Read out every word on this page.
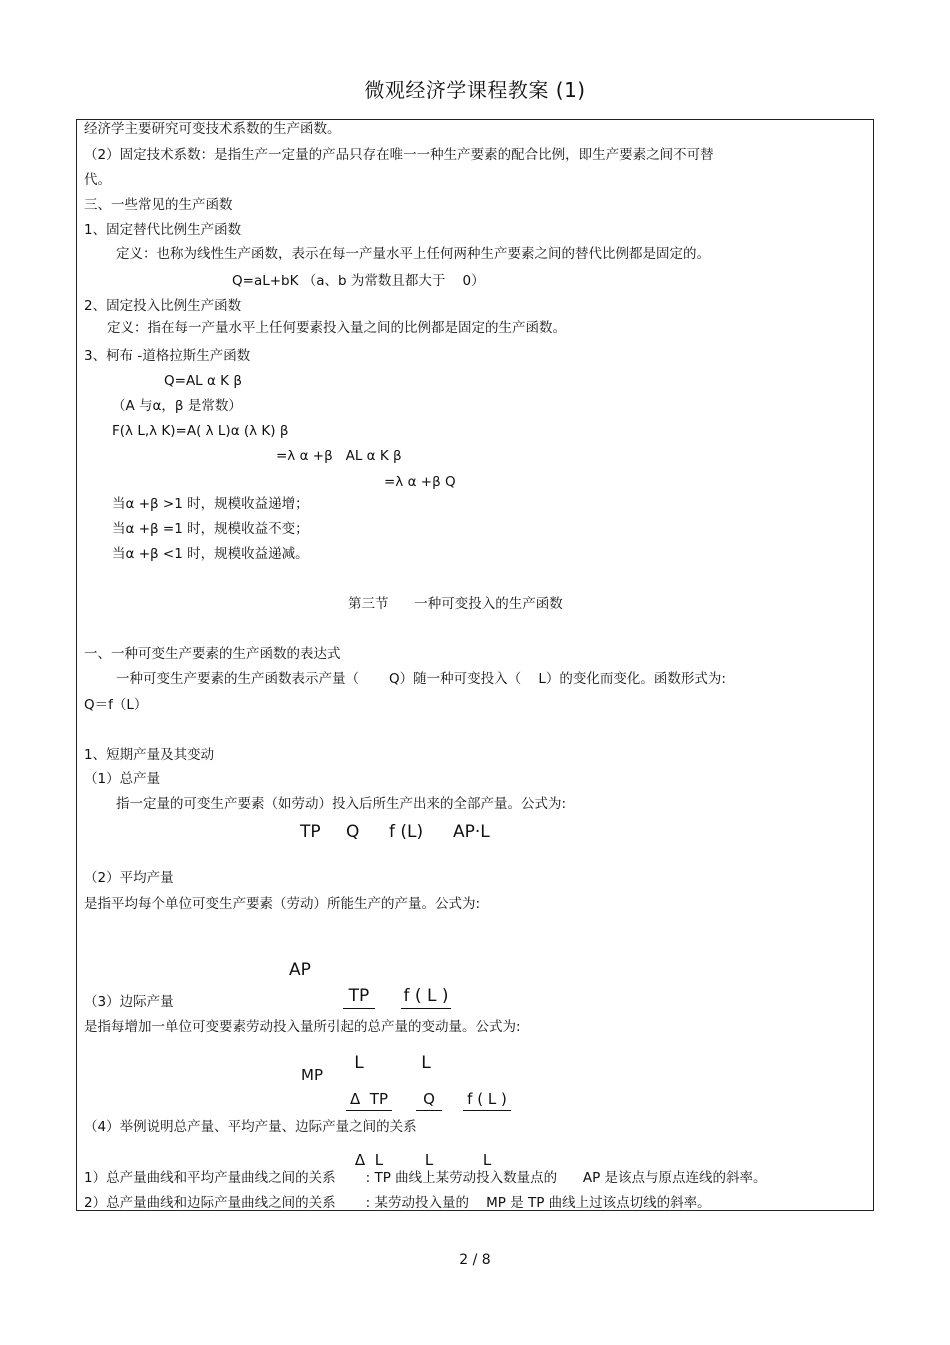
微观经济学课程教案 (1)
经济学主要研究可变技术系数的生产函数。
（2）固定技术系数：是指生产一定量的产品只存在唯一一种生产要素的配合比例，即生产要素之间不可替
代。
三、一些常见的生产函数
1、固定替代比例生产函数
定义：也称为线性生产函数，表示在每一产量水平上任何两种生产要素之间的替代比例都是固定的。
Q=aL+bK （a、b 为常数且都大于    0）
2、固定投入比例生产函数
定义：指在每一产量水平上任何要素投入量之间的比例都是固定的生产函数。
3、柯布 -道格拉斯生产函数
Q=AL α K β
（A 与α，β 是常数）
F(λ L,λ K)=A( λ L)α (λ K) β
=λ α +β   AL α K β
=λ α +β Q
当α +β >1 时，规模收益递增；
当α +β =1 时，规模收益不变；
当α +β <1 时，规模收益递减。
第三节      一种可变投入的生产函数
一、一种可变生产要素的生产函数的表达式
一种可变生产要素的生产函数表示产量（       Q）随一种可变投入（    L）的变化而变化。函数形式为:
Q＝f（L）
1、短期产量及其变动
（1）总产量
指一定量的可变生产要素（如劳动）投入后所生产出来的全部产量。公式为:
TP Q f (L) AP·L
（2）平均产量
是指平均每个单位可变生产要素（劳动）所能生产的产量。公式为:
AP

$\frac{TP}{L}$

$\frac{f ( L )}{L}$

（3）边际产量
是指每增加一单位可变要素劳动投入量所引起的总产量的变动量。公式为:
MP

$\frac{\text{Δ  TP}}{\text{Δ  L}}$

$\frac{Q}{L}$

$\frac{f ( L )}{L}$

（4）举例说明总产量、平均产量、边际产量之间的关系
1）总产量曲线和平均产量曲线之间的关系       : TP 曲线上某劳动投入数量点的      AP 是该点与原点连线的斜率。
2）总产量曲线和边际产量曲线之间的关系       : 某劳动投入量的    MP 是 TP 曲线上过该点切线的斜率。
2 / 8
